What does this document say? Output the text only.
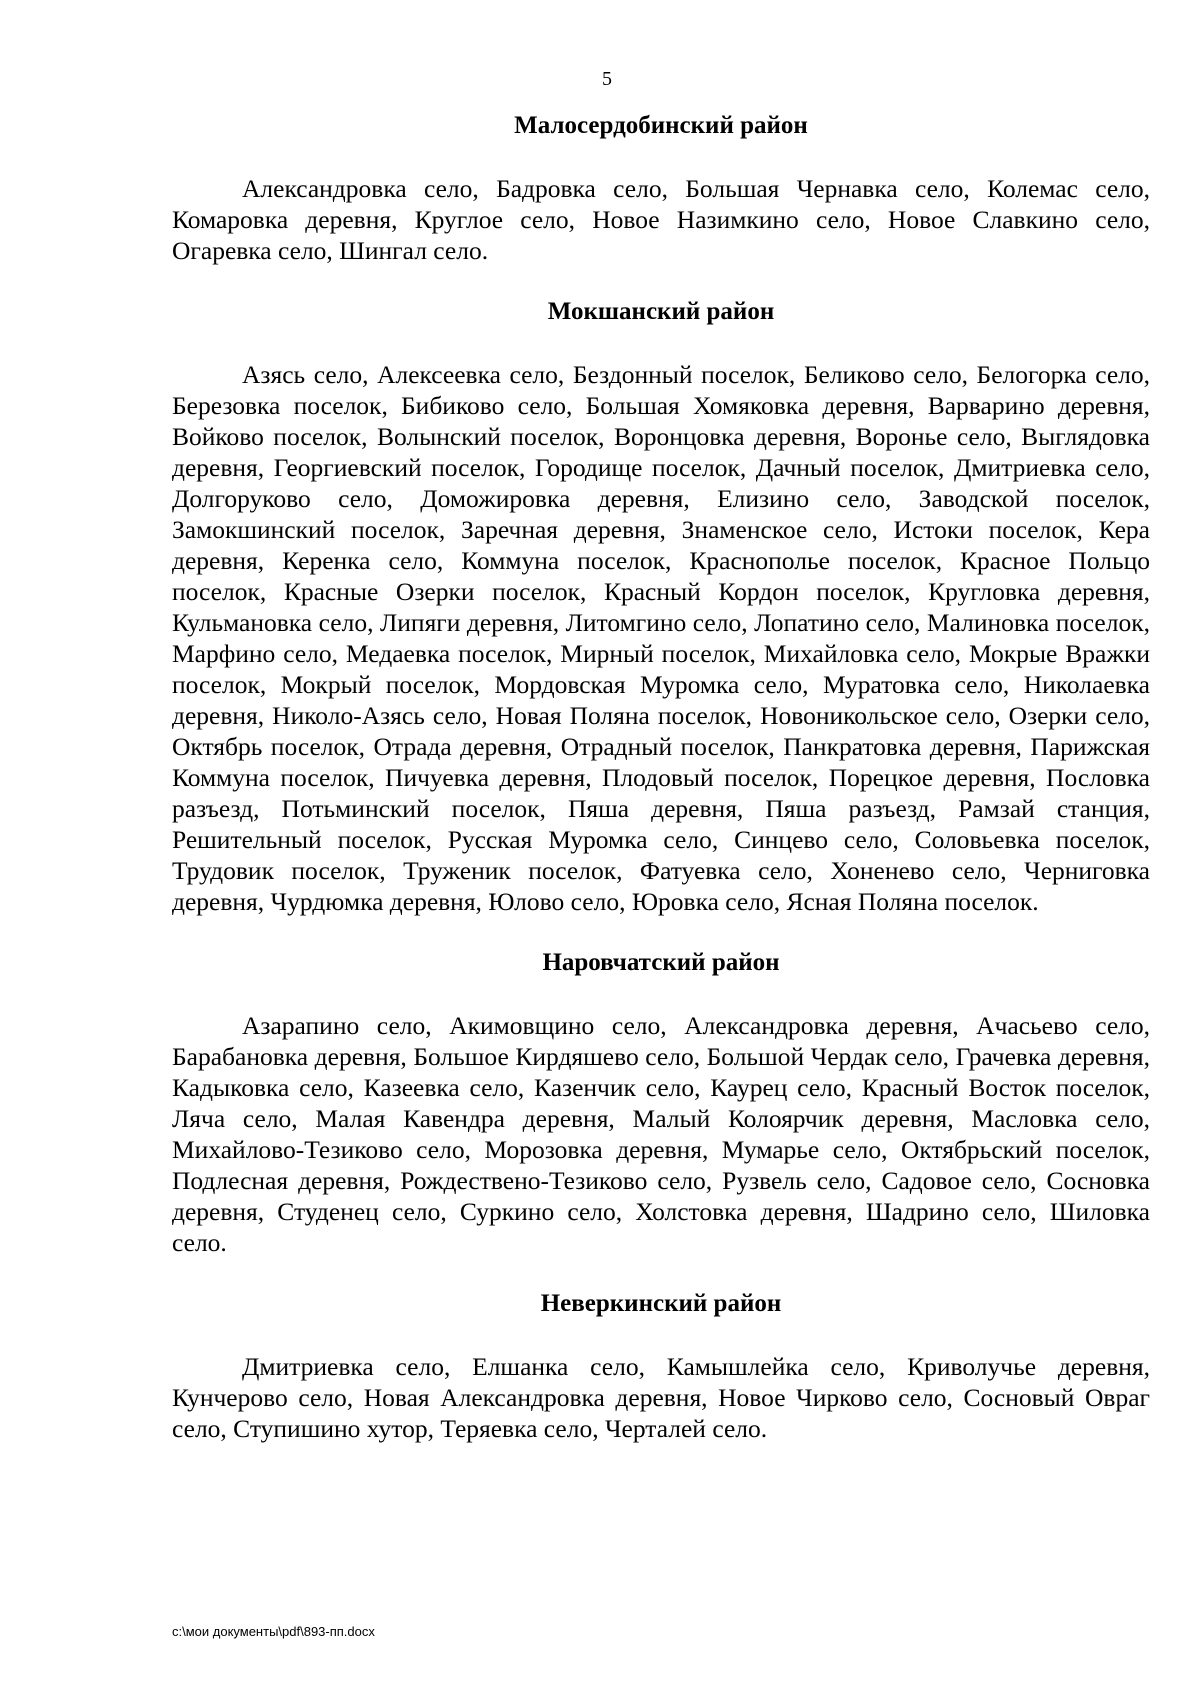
5
Малосердобинский район

Александровка село, Бадровка село, Большая Чернавка село, Колемас село, Комаровка деревня, Круглое село, Новое Назимкино село, Новое Славкино село, Огаревка село, Шингал село.

Мокшанский район

Азясь село, Алексеевка село, Бездонный поселок, Беликово село, Белогорка село, Березовка поселок, Бибиково село, Большая Хомяковка деревня, Варварино деревня, Войково поселок, Волынский поселок, Воронцовка деревня, Воронье село, Выглядовка деревня, Георгиевский поселок, Городище поселок, Дачный поселок, Дмитриевка село, Долгоруково село, Доможировка деревня, Елизино село, Заводской поселок, Замокшинский поселок, Заречная деревня, Знаменское село, Истоки поселок, Кера деревня, Керенка село, Коммуна поселок, Краснополье поселок, Красное Польцо поселок, Красные Озерки поселок, Красный Кордон поселок, Кругловка деревня, Кульмановка село, Липяги деревня, Литомгино село, Лопатино село, Малиновка поселок, Марфино село, Медаевка поселок, Мирный поселок, Михайловка село, Мокрые Вражки поселок, Мокрый поселок, Мордовская Муромка село, Муратовка село, Николаевка деревня, Николо-Азясь село, Новая Поляна поселок, Новоникольское село, Озерки село, Октябрь поселок, Отрада деревня, Отрадный поселок, Панкратовка деревня, Парижская Коммуна поселок, Пичуевка деревня, Плодовый поселок, Порецкое деревня, Пословка разъезд, Потьминский поселок, Пяша деревня, Пяша разъезд, Рамзай станция, Решительный поселок, Русская Муромка село, Синцево село, Соловьевка поселок, Трудовик поселок, Труженик поселок, Фатуевка село, Хоненево село, Черниговка деревня, Чурдюмка деревня, Юлово село, Юровка село, Ясная Поляна поселок.

Наровчатский район

Азарапино село, Акимовщино село, Александровка деревня, Ачасьево село, Барабановка деревня, Большое Кирдяшево село, Большой Чердак село, Грачевка деревня, Кадыковка село, Казеевка село, Казенчик село, Каурец село, Красный Восток поселок, Ляча село, Малая Кавендра деревня, Малый Колоярчик деревня, Масловка село, Михайлово-Тезиково село, Морозовка деревня, Мумарье село, Октябрьский поселок, Подлесная деревня, Рождествено-Тезиково село, Рузвель село, Садовое село, Сосновка деревня, Студенец село, Суркино село, Холстовка деревня, Шадрино село, Шиловка село.

Неверкинский район

Дмитриевка село, Елшанка село, Камышлейка село, Криволучье деревня, Кунчерово село, Новая Александровка деревня, Новое Чирково село, Сосновый Овраг село, Ступишино хутор, Теряевка село, Черталей село.

c:\мои документы\pdf\893-пп.docx
